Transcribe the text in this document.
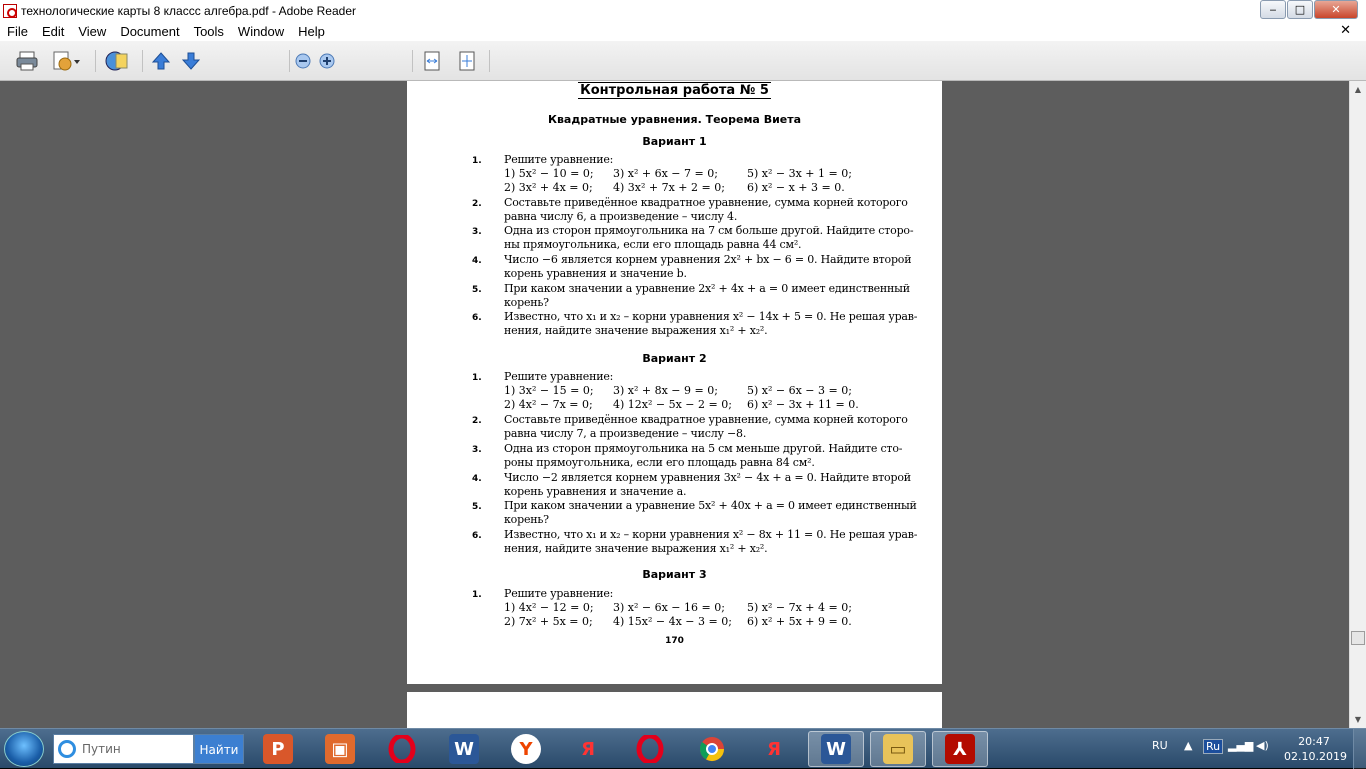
технологические карты 8 классс алгебра.pdf - Adobe Reader	‒	□	✕
File	Edit	View	Document	Tools	Window	Help	✕
Контрольная работа № 5
Квадратные уравнения. Теорема Виета
Вариант 1
1. Решите уравнение:
1) 5x² − 10 = 0; 3) x² + 6x − 7 = 0;	5) x² − 3x + 1 = 0;
2) 3x² + 4x = 0; 4) 3x² + 7x + 2 = 0; 6) x² − x + 3 = 0.
2. Составьте приведённое квадратное уравнение, сумма корней которого
равна числу 6, а произведение – числу 4.
3. Одна из сторон прямоугольника на 7 см больше другой. Найдите сторо-
ны прямоугольника, если его площадь равна 44 см².
4. Число −6 является корнем уравнения 2x² + bx − 6 = 0. Найдите второй
корень уравнения и значение b.
5. При каком значении a уравнение 2x² + 4x + a = 0 имеет единственный
корень?
6. Известно, что x₁ и x₂ – корни уравнения x² − 14x + 5 = 0. Не решая урав-
нения, найдите значение выражения x₁² + x₂².
Вариант 2
1. Решите уравнение:
1) 3x² − 15 = 0; 3) x² + 8x − 9 = 0;	5) x² − 6x − 3 = 0;
2) 4x² − 7x = 0; 4) 12x² − 5x − 2 = 0; 6) x² − 3x + 11 = 0.
2. Составьте приведённое квадратное уравнение, сумма корней которого
равна числу 7, а произведение – числу −8.
3. Одна из сторон прямоугольника на 5 см меньше другой. Найдите сто-
роны прямоугольника, если его площадь равна 84 см².
4. Число −2 является корнем уравнения 3x² − 4x + a = 0. Найдите второй
корень уравнения и значение a.
5. При каком значении a уравнение 5x² + 40x + a = 0 имеет единственный
корень?
6. Известно, что x₁ и x₂ – корни уравнения x² − 8x + 11 = 0. Не решая урав-
нения, найдите значение выражения x₁² + x₂².
Вариант 3
1. Решите уравнение:
1) 4x² − 12 = 0; 3) x² − 6x − 16 = 0; 5) x² − 7x + 4 = 0;
2) 7x² + 5x = 0; 4) 15x² − 4x − 3 = 0; 6) x² + 5x + 9 = 0.
170
▲
▼
Путин	Найти	P	▣	W	Y	Я	Я	W	▭	⅄	RU ▲ Ru ▂▄▆ ◀)	20:47
02.10.2019
